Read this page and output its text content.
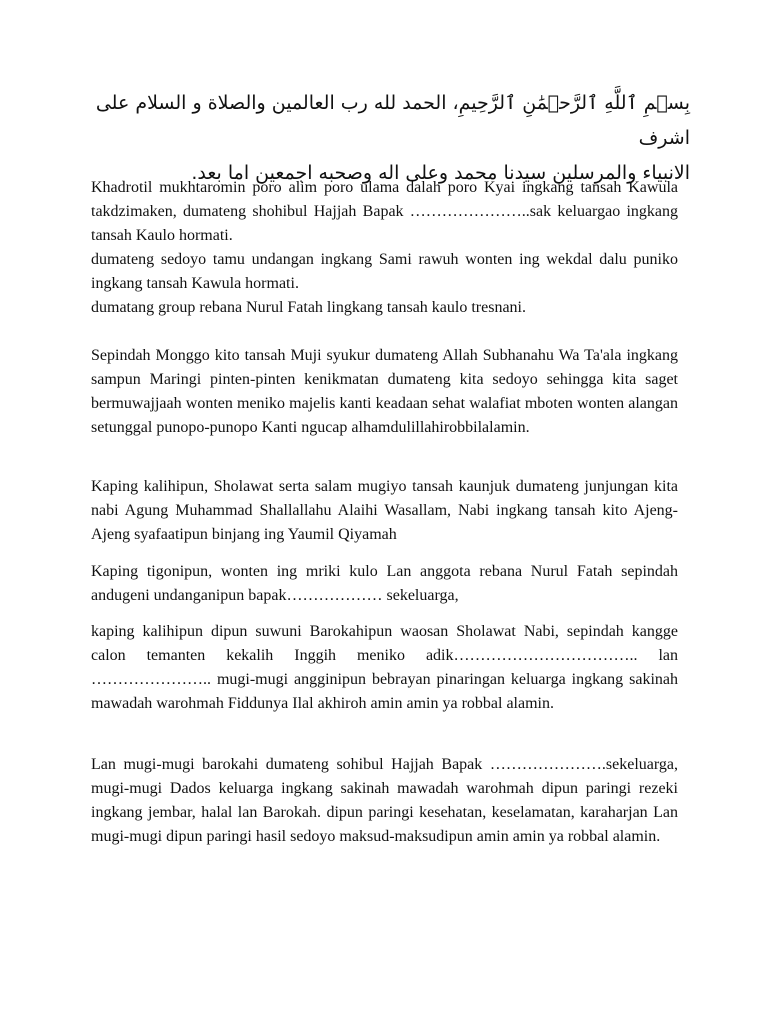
بِسۡمِ ٱللَّهِ ٱلرَّحۡمَٰنِ ٱلرَّحِيمِ، الحمد لله رب العالمين والصلاة و السلام على اشرف
الانبياء والمرسلين سيدنا محمد وعلى اله وصحبه اجمعين اما بعد.

Khadrotil mukhtaromin poro alim poro ulama dalah poro Kyai ingkang tansah Kawula takdzimaken, dumateng shohibul Hajjah Bapak …………………..sak keluargao ingkang tansah Kaulo hormati.

dumateng sedoyo tamu undangan ingkang Sami rawuh wonten ing wekdal dalu puniko ingkang tansah Kawula hormati.

dumatang group rebana Nurul Fatah lingkang tansah kaulo tresnani.

Sepindah Monggo kito tansah Muji syukur dumateng Allah Subhanahu Wa Ta'ala ingkang sampun Maringi pinten-pinten kenikmatan dumateng kita sedoyo sehingga kita saget bermuwajjaah wonten meniko majelis kanti keadaan sehat walafiat mboten wonten alangan setunggal punopo-punopo Kanti ngucap alhamdulillahirobbilalamin.

Kaping kalihipun, Sholawat serta salam mugiyo tansah kaunjuk dumateng junjungan kita nabi Agung Muhammad Shallallahu Alaihi Wasallam, Nabi ingkang tansah kito Ajeng-Ajeng syafaatipun binjang ing Yaumil Qiyamah

Kaping tigonipun, wonten ing mriki kulo Lan anggota rebana Nurul Fatah sepindah andugeni undanganipun bapak……………… sekeluarga,

kaping kalihipun dipun suwuni Barokahipun waosan Sholawat Nabi, sepindah kangge calon temanten kekalih Inggih meniko adik…………………………….. lan ………………….. mugi-mugi angginipun bebrayan pinaringan keluarga ingkang sakinah mawadah warohmah Fiddunya Ilal akhiroh amin amin ya robbal alamin.

Lan mugi-mugi barokahi dumateng sohibul Hajjah Bapak ………………….sekeluarga, mugi-mugi Dados keluarga ingkang sakinah mawadah warohmah dipun paringi rezeki ingkang jembar, halal lan Barokah. dipun paringi kesehatan, keselamatan, karaharjan Lan mugi-mugi dipun paringi hasil sedoyo maksud-maksudipun amin amin ya robbal alamin.
